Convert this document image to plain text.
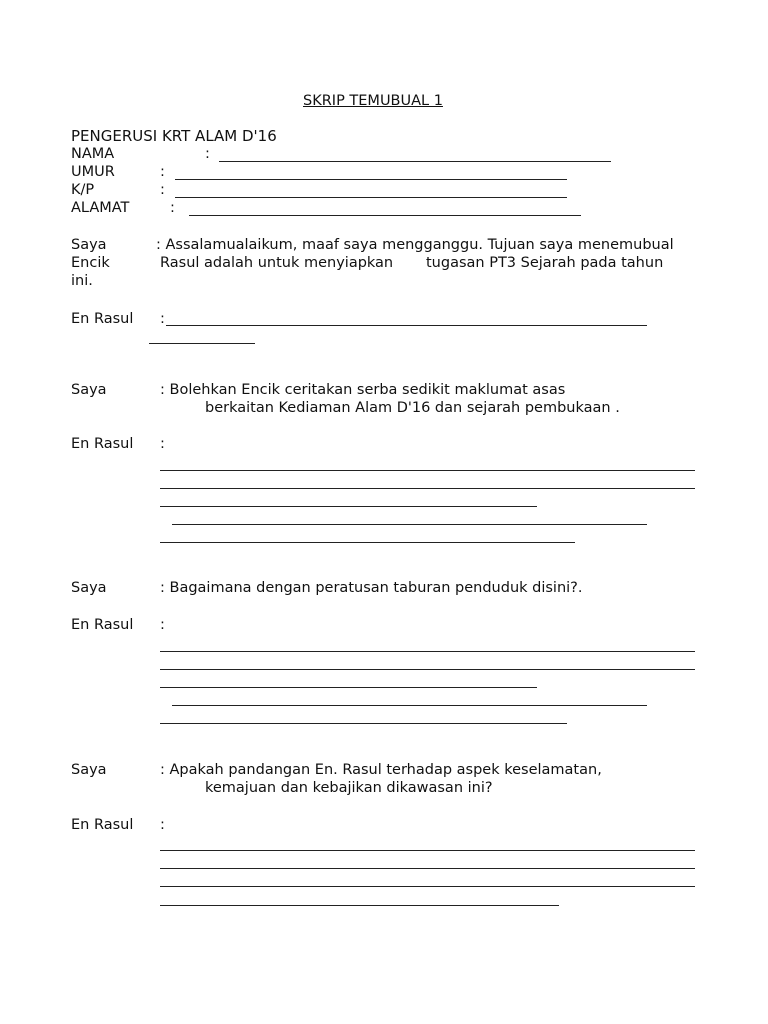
SKRIP TEMUBUAL 1
PENGERUSI KRT ALAM D'16
NAMA	:
UMUR	:
K/P	:
ALAMAT	:
Saya	: Assalamualaikum, maaf saya mengganggu. Tujuan saya menemubual
Encik	Rasul adalah untuk menyiapkan tugasan PT3 Sejarah pada tahun
ini.
En Rasul :
Saya	: Bolehkan Encik ceritakan serba sedikit maklumat asas
berkaitan Kediaman Alam D'16 dan sejarah pembukaan .
En Rasul :
Saya	: Bagaimana dengan peratusan taburan penduduk disini?.
En Rasul :
Saya	: Apakah pandangan En. Rasul terhadap aspek keselamatan,
kemajuan dan kebajikan dikawasan ini?
En Rasul :
